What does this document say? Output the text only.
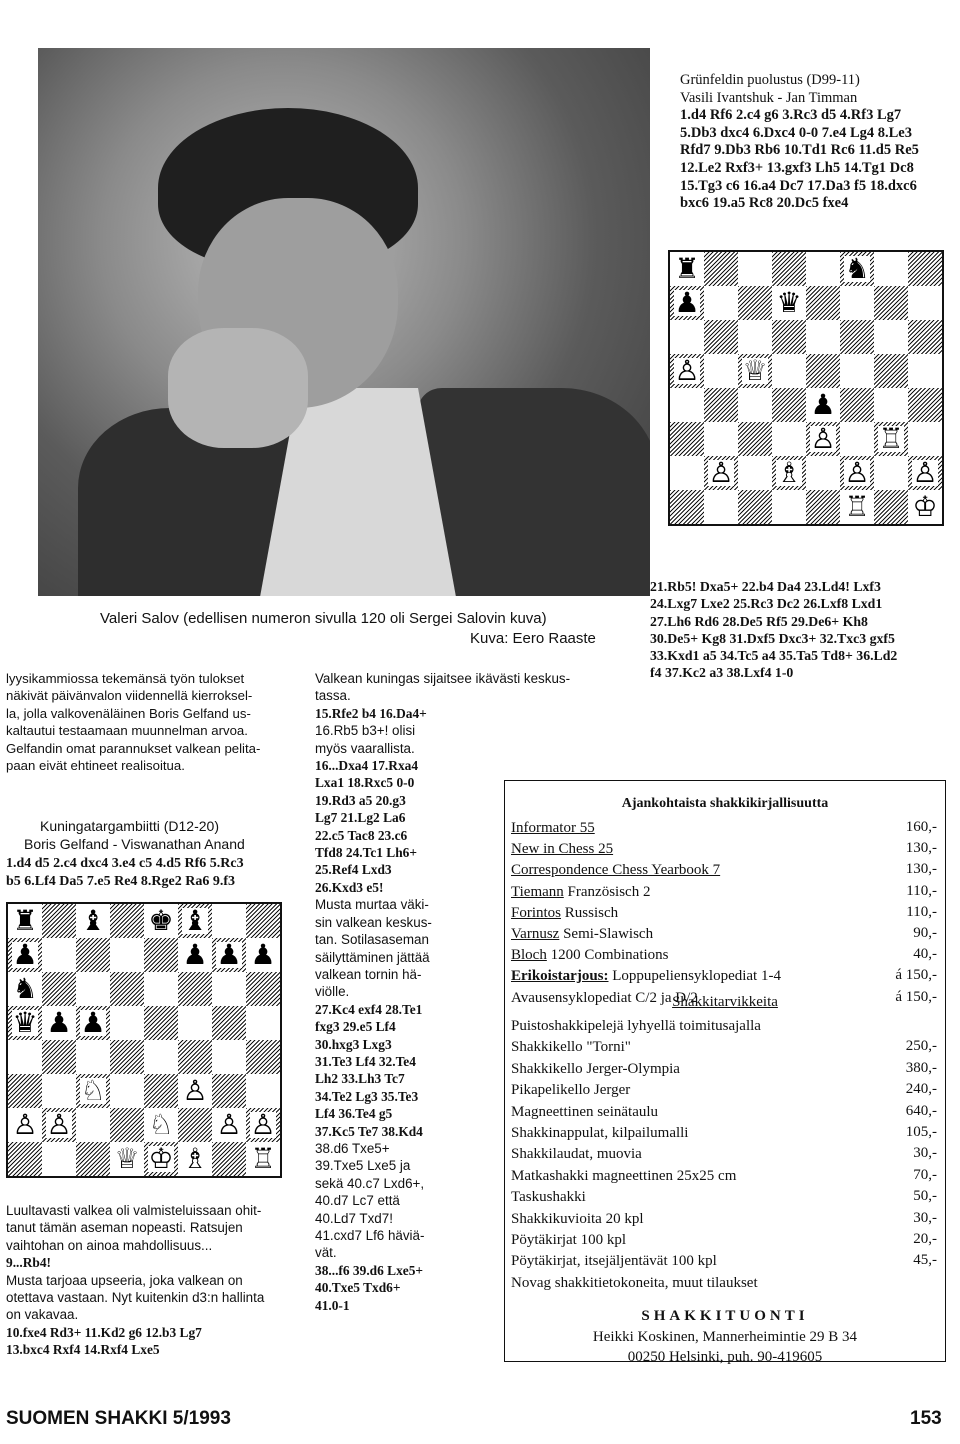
Grünfeldin puolustus (D99-11)
Vasili Ivantshuk - Jan Timman
1.d4 Rf6 2.c4 g6 3.Rc3 d5 4.Rf3 Lg7
5.Db3 dxc4 6.Dxc4 0-0 7.e4 Lg4 8.Le3
Rfd7 9.Db3 Rb6 10.Td1 Rc6 11.d5 Re5
12.Le2 Rxf3+ 13.gxf3 Lh5 14.Tg1 Dc8
15.Tg3 c6 16.a4 Dc7 17.Da3 f5 18.dxc6
bxc6 19.a5 Rc8 20.Dc5 fxe4
♜	♞
♟	♛
♙ ♕
♟
♙ ♖
♙ ♗ ♙ ♙
♖ ♔
Valeri Salov (edellisen numeron sivulla 120 oli Sergei Salovin kuva)
Kuva: Eero Raaste
21.Rb5! Dxa5+ 22.b4 Da4 23.Ld4! Lxf3
24.Lxg7 Lxe2 25.Rc3 Dc2 26.Lxf8 Lxd1
27.Lh6 Rd6 28.De5 Rf5 29.De6+ Kh8
30.De5+ Kg8 31.Dxf5 Dxc3+ 32.Txc3 gxf5
33.Kxd1 a5 34.Tc5 a4 35.Ta5 Td8+ 36.Ld2
f4 37.Kc2 a3 38.Lxf4 1-0
lyysikammiossa tekemänsä työn tulokset
näkivät päivänvalon viidennellä kierroksel-
la, jolla valkovenäläinen Boris Gelfand us-
kaltautui testaamaan muunnelman arvoa.
Gelfandin omat parannukset valkean pelita-
paan eivät ehtineet realisoitua.
Kuningatargambiitti (D12-20)
Boris Gelfand - Viswanathan Anand
1.d4 d5 2.c4 dxc4 3.e4 c5 4.d5 Rf6 5.Rc3
b5 6.Lf4 Da5 7.e5 Re4 8.Rge2 Ra6 9.f3
♜ ♝ ♚ ♝
♟	♟ ♟ ♟
♞
♛ ♟ ♟
♘	♙
♙ ♙	♘ ♙ ♙
♕ ♔ ♗ ♖
Luultavasti valkea oli valmisteluissaan ohit-
tanut tämän aseman nopeasti. Ratsujen
vaihtohan on ainoa mahdollisuus...
9...Rb4!
Musta tarjoaa upseeria, joka valkean on
otettava vastaan. Nyt kuitenkin d3:n hallinta
on vakavaa.
10.fxe4 Rd3+ 11.Kd2 g6 12.b3 Lg7
13.bxc4 Rxf4 14.Rxf4 Lxe5
Valkean kuningas sijaitsee ikävästi keskus-
tassa.
15.Rfe2 b4 16.Da4+
16.Rb5 b3+! olisi
myös vaarallista.
16...Dxa4 17.Rxa4
Lxa1 18.Rxc5 0-0
19.Rd3 a5 20.g3
Lg7 21.Lg2 La6
22.c5 Tac8 23.c6
Tfd8 24.Tc1 Lh6+
25.Ref4 Lxd3
26.Kxd3 e5!
Musta murtaa väki-
sin valkean keskus-
tan. Sotilasaseman
säilyttäminen jättää
valkean tornin hä-
viölle.
27.Kc4 exf4 28.Te1
fxg3 29.e5 Lf4
30.hxg3 Lxg3
31.Te3 Lf4 32.Te4
Lh2 33.Lh3 Tc7
34.Te2 Lg3 35.Te3
Lf4 36.Te4 g5
37.Kc5 Te7 38.Kd4
38.d6 Txe5+
39.Txe5 Lxe5 ja
sekä 40.c7 Lxd6+,
40.d7 Lc7 että
40.Ld7 Txd7!
41.cxd7 Lf6 häviä-
vät.
38...f6 39.d6 Lxe5+
40.Txe5 Txd6+
41.0-1
Ajankohtaista shakkikirjallisuutta
Informator 55	160,-
New in Chess 25	130,-
Correspondence Chess Yearbook 7	130,-
Tiemann Französisch 2	110,-
Forintos Russisch	110,-
Varnusz Semi-Slawisch	90,-
Bloch 1200 Combinations	40,-
Erikoistarjous: Loppupeliensyklopediat 1-4	á 150,-
Avausensyklopediat C/2 ja D/2	á 150,-
Shakkitarvikkeita
Puistoshakkipelejä lyhyellä toimitusajalla
Shakkikello "Torni"	250,-
Shakkikello Jerger-Olympia	380,-
Pikapelikello Jerger	240,-
Magneettinen seinätaulu	640,-
Shakkinappulat, kilpailumalli	105,-
Shakkilaudat, muovia	30,-
Matkashakki magneettinen 25x25 cm	70,-
Taskushakki	50,-
Shakkikuvioita 20 kpl	30,-
Pöytäkirjat 100 kpl	20,-
Pöytäkirjat, itsejäljentävät 100 kpl	45,-
Novag shakkitietokoneita, muut tilaukset
SHAKKITUONTI
Heikki Koskinen, Mannerheimintie 29 B 34
00250 Helsinki, puh. 90-419605
SUOMEN SHAKKI 5/1993	153
